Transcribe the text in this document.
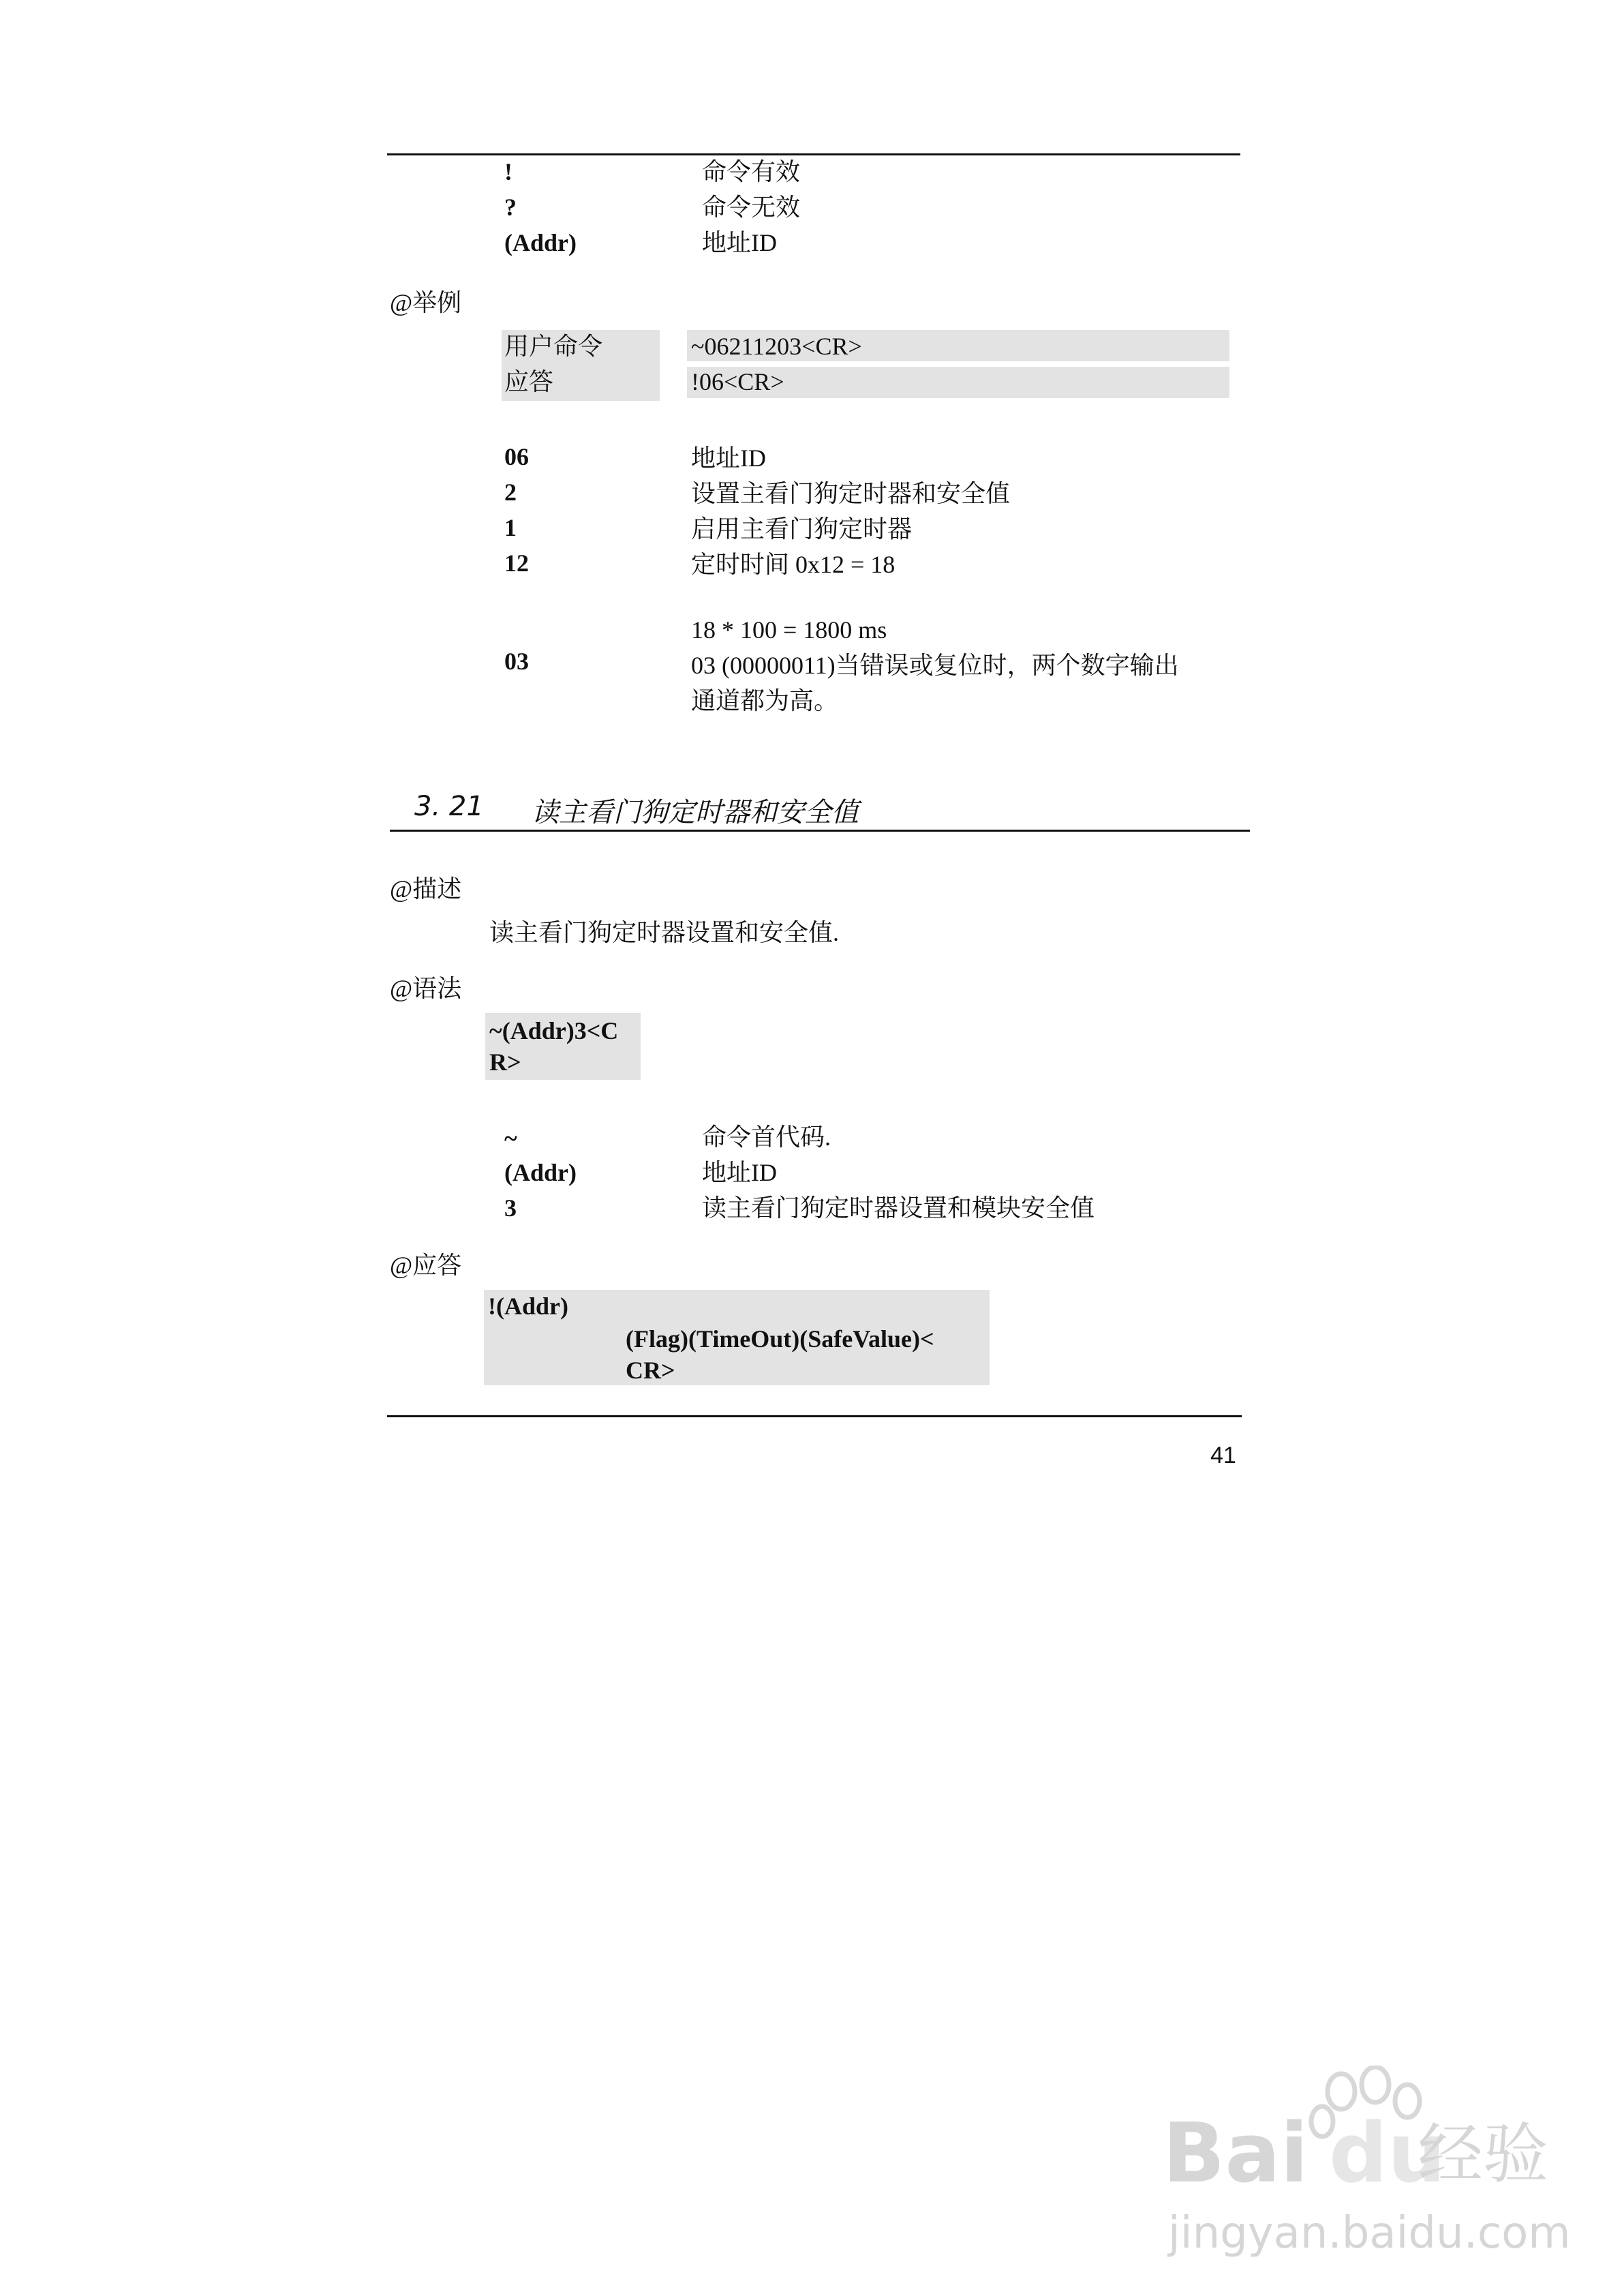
!	命令有效
?	命令无效
(Addr)	地址ID
@举例
用户命令	~06211203<CR>
应答	!06<CR>
06	地址ID
2	设置主看门狗定时器和安全值
1	启用主看门狗定时器
12	定时时间 0x12 = 18
18 * 100 = 1800 ms
03	03 (00000011)当错误或复位时，两个数字输出
通道都为高。
3. 21 读主看门狗定时器和安全值
@描述
读主看门狗定时器设置和安全值.
@语法
~(Addr)3<C
R>
~	命令首代码.
(Addr)	地址ID
3	读主看门狗定时器设置和模块安全值
@应答
!(Addr)
(Flag)(TimeOut)(SafeValue)<
CR>
41
Bai du
经验
jingyan.baidu.com
